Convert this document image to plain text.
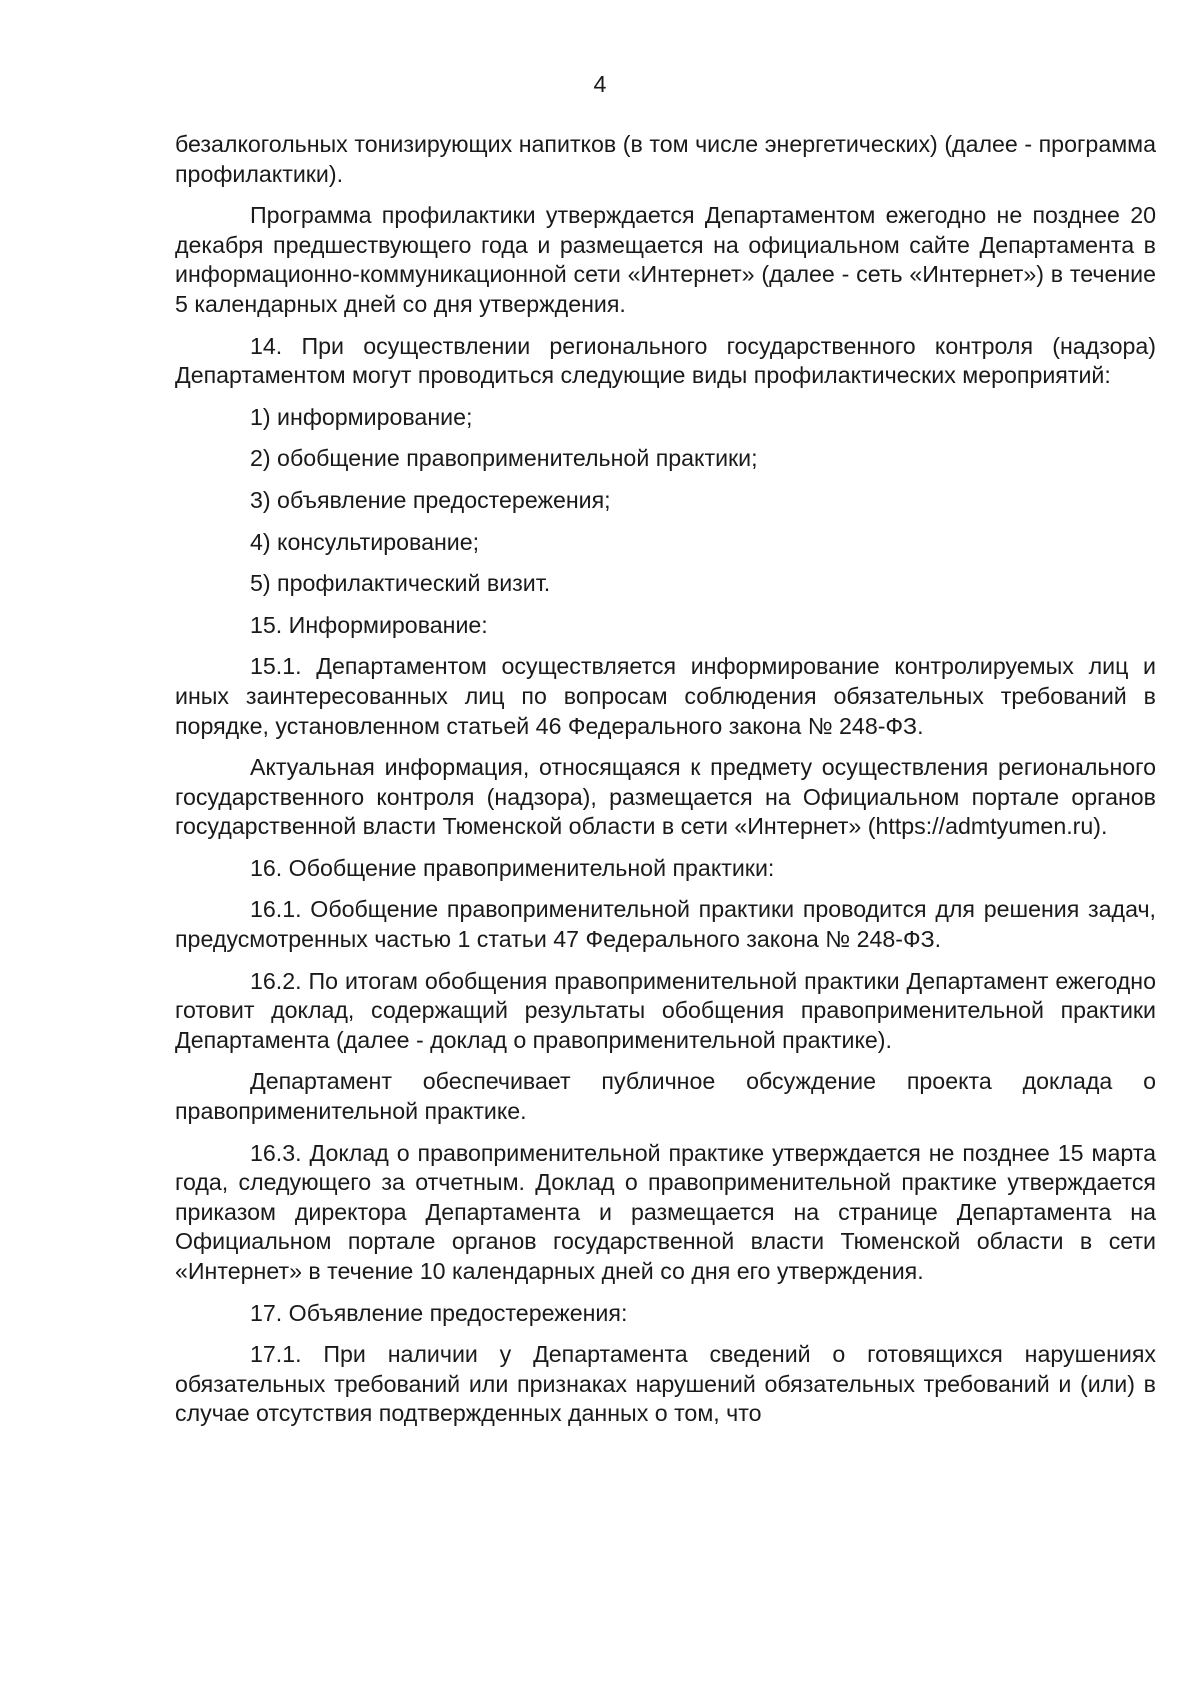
4

безалкогольных тонизирующих напитков (в том числе энергетических) (далее - программа профилактики).

Программа профилактики утверждается Департаментом ежегодно не позднее 20 декабря предшествующего года и размещается на официальном сайте Департамента в информационно-коммуникационной сети «Интернет» (далее - сеть «Интернет») в течение 5 календарных дней со дня утверждения.

14. При осуществлении регионального государственного контроля (надзора) Департаментом могут проводиться следующие виды профилактических мероприятий:

1) информирование;

2) обобщение правоприменительной практики;

3) объявление предостережения;

4) консультирование;

5) профилактический визит.

15. Информирование:

15.1. Департаментом осуществляется информирование контролируемых лиц и иных заинтересованных лиц по вопросам соблюдения обязательных требований в порядке, установленном статьей 46 Федерального закона № 248-ФЗ.

Актуальная информация, относящаяся к предмету осуществления регионального государственного контроля (надзора), размещается на Официальном портале органов государственной власти Тюменской области в сети «Интернет» (https://admtyumen.ru).

16. Обобщение правоприменительной практики:

16.1. Обобщение правоприменительной практики проводится для решения задач, предусмотренных частью 1 статьи 47 Федерального закона № 248-ФЗ.

16.2. По итогам обобщения правоприменительной практики Департамент ежегодно готовит доклад, содержащий результаты обобщения правоприменительной практики Департамента (далее - доклад о правоприменительной практике).

Департамент обеспечивает публичное обсуждение проекта доклада о правоприменительной практике.

16.3. Доклад о правоприменительной практике утверждается не позднее 15 марта года, следующего за отчетным. Доклад о правоприменительной практике утверждается приказом директора Департамента и размещается на странице Департамента на Официальном портале органов государственной власти Тюменской области в сети «Интернет» в течение 10 календарных дней со дня его утверждения.

17. Объявление предостережения:

17.1. При наличии у Департамента сведений о готовящихся нарушениях обязательных требований или признаках нарушений обязательных требований и (или) в случае отсутствия подтвержденных данных о том, что
